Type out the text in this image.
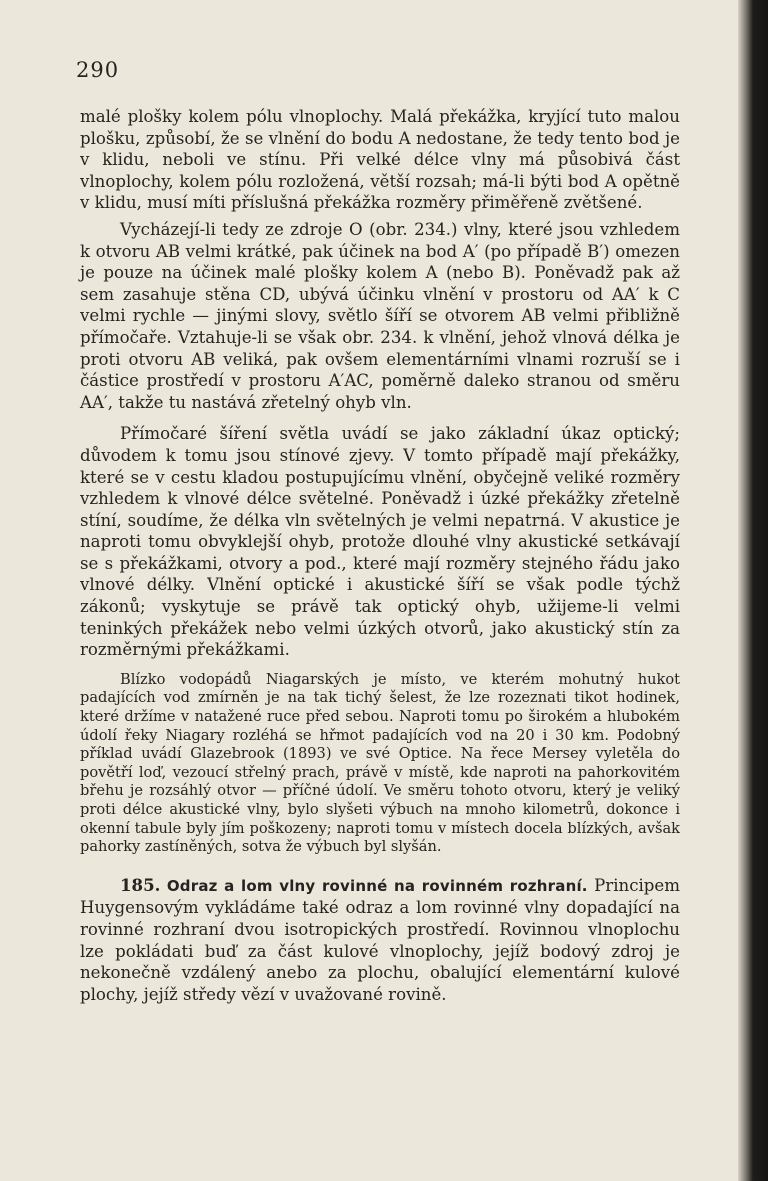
290

malé plošky kolem pólu vlnoplochy. Malá překážka, kryjící tuto malou plošku, způsobí, že se vlnění do bodu A nedostane, že tedy tento bod je v klidu, neboli ve stínu. Při velké délce vlny má působivá část vlnoplochy, kolem pólu rozložená, větší rozsah; má-li býti bod A opětně v klidu, musí míti příslušná překážka rozměry přiměřeně zvětšené.

Vycházejí-li tedy ze zdroje O (obr. 234.) vlny, které jsou vzhledem k otvoru AB velmi krátké, pak účinek na bod A′ (po případě B′) omezen je pouze na účinek malé plošky kolem A (nebo B). Poněvadž pak až sem zasahuje stěna CD, ubývá účinku vlnění v prostoru od AA′ k C velmi rychle — jinými slovy, světlo šíří se otvorem AB velmi přibližně přímočaře. Vztahuje-li se však obr. 234. k vlnění, jehož vlnová délka je proti otvoru AB veliká, pak ovšem elementárními vlnami rozruší se i částice prostředí v prostoru A′AC, poměrně daleko stranou od směru AA′, takže tu nastává zřetelný ohyb vln.

Přímočaré šíření světla uvádí se jako základní úkaz optický; důvodem k tomu jsou stínové zjevy. V tomto případě mají překážky, které se v cestu kladou postupujícímu vlnění, obyčejně veliké rozměry vzhledem k vlnové délce světelné. Poněvadž i úzké překážky zřetelně stíní, soudíme, že délka vln světelných je velmi nepatrná. V akustice je naproti tomu obvyklejší ohyb, protože dlouhé vlny akustické setkávají se s překážkami, otvory a pod., které mají rozměry stejného řádu jako vlnové délky. Vlnění optické i akustické šíří se však podle týchž zákonů; vyskytuje se právě tak optický ohyb, užijeme-li velmi teninkých překážek nebo velmi úzkých otvorů, jako akustický stín za rozměrnými překážkami.

Blízko vodopádů Niagarských je místo, ve kterém mohutný hukot padajících vod zmírněn je na tak tichý šelest, že lze rozeznati tikot hodinek, které držíme v natažené ruce před sebou. Naproti tomu po širokém a hlubokém údolí řeky Niagary rozléhá se hřmot padajících vod na 20 i 30 km. Podobný příklad uvádí Glazebrook (1893) ve své Optice. Na řece Mersey vyletěla do povětří loď, vezoucí střelný prach, právě v místě, kde naproti na pahorkovitém břehu je rozsáhlý otvor — příčné údolí. Ve směru tohoto otvoru, který je veliký proti délce akustické vlny, bylo slyšeti výbuch na mnoho kilometrů, dokonce i okenní tabule byly jím poškozeny; naproti tomu v místech docela blízkých, avšak pahorky zastíněných, sotva že výbuch byl slyšán.

185. Odraz a lom vlny rovinné na rovinném rozhraní. Principem Huygensovým vykládáme také odraz a lom rovinné vlny dopadající na rovinné rozhraní dvou isotropických prostředí. Rovinnou vlnoplochu lze pokládati buď za část kulové vlnoplochy, jejíž bodový zdroj je nekonečně vzdálený anebo za plochu, obalující elementární kulové plochy, jejíž středy vězí v uvažované rovině.
